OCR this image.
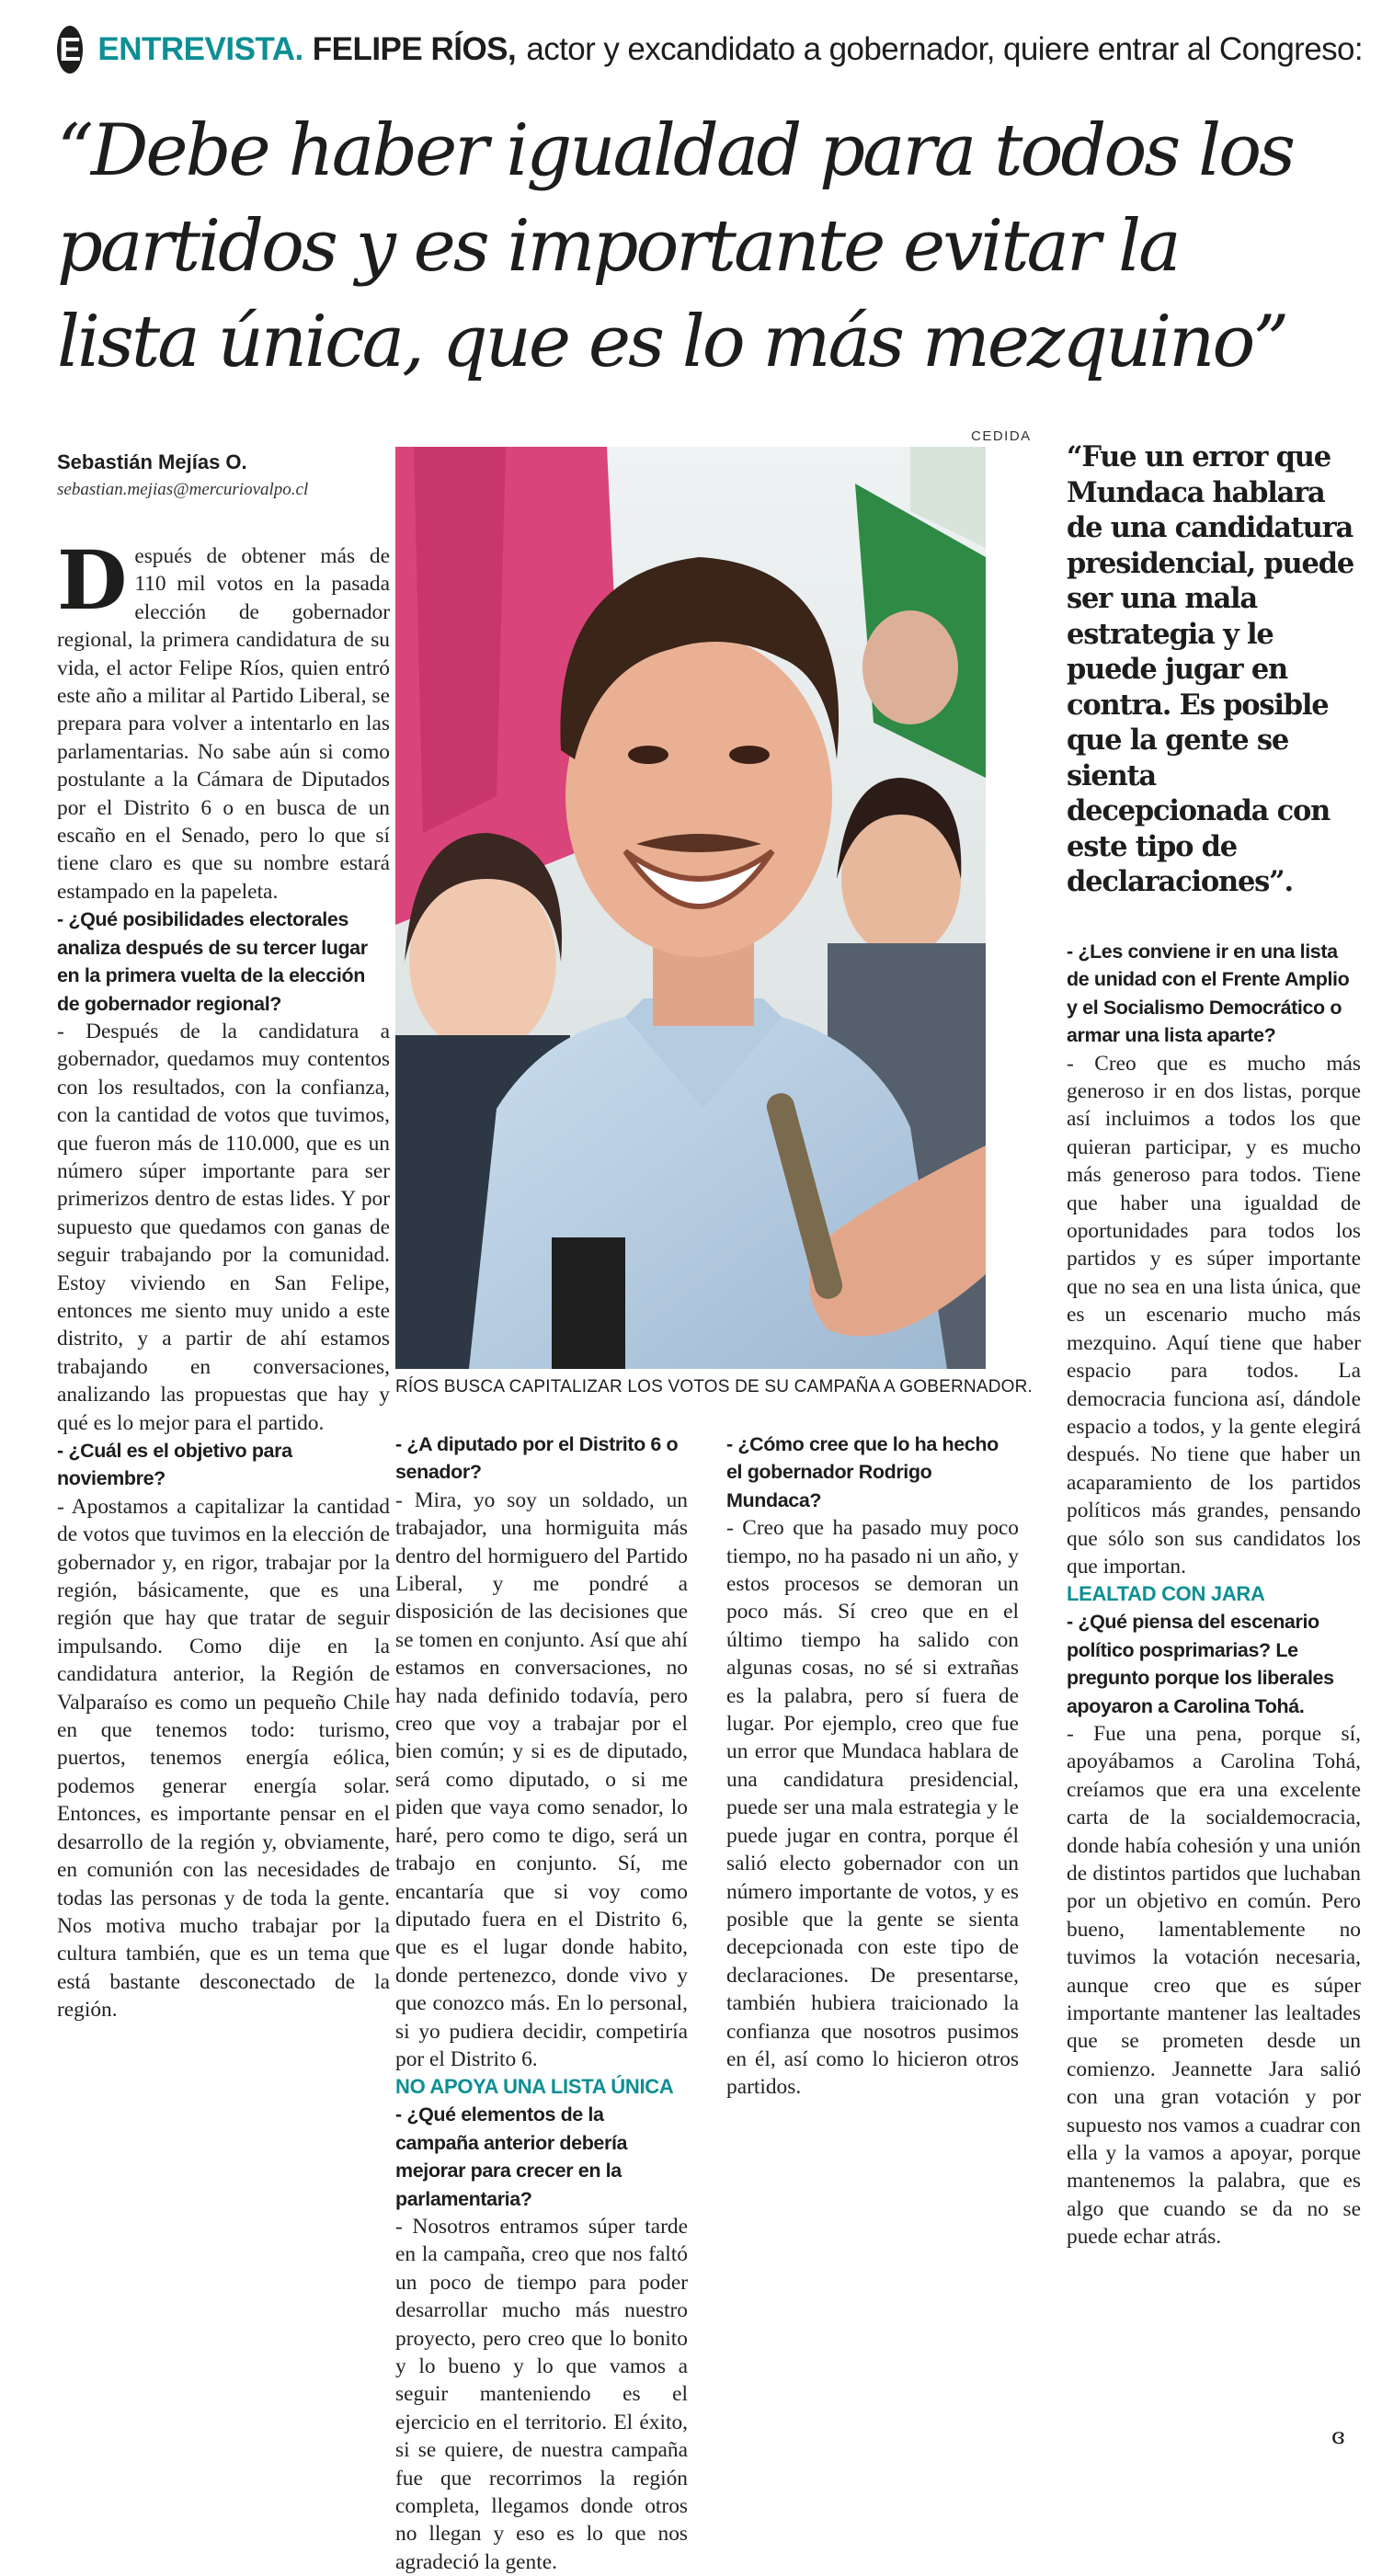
E ENTREVISTA. FELIPE RÍOS, actor y excandidato a gobernador, quiere entrar al Congreso:
“Debe haber igualdad para todos los
partidos y es importante evitar la
lista única, que es lo más mezquino”
Sebastián Mejías O.
sebastian.mejias@mercuriovalpo.cl

Después de obtener más de 110 mil votos en la pasada elección de gobernador regional, la primera candidatura de su vida, el actor Felipe Ríos, quien entró este año a militar al Partido Liberal, se prepara para volver a intentarlo en las parlamentarias. No sabe aún si como postulante a la Cámara de Diputados por el Distrito 6 o en busca de un escaño en el Senado, pero lo que sí tiene claro es que su nombre estará estampado en la papeleta.

- ¿Qué posibilidades electorales analiza después de su tercer lugar en la primera vuelta de la elección de gobernador regional?

- Después de la candidatura a gobernador, quedamos muy contentos con los resultados, con la confianza, con la cantidad de votos que tuvimos, que fueron más de 110.000, que es un número súper importante para ser primerizos dentro de estas lides. Y por supuesto que quedamos con ganas de seguir trabajando por la comunidad. Estoy viviendo en San Felipe, entonces me siento muy unido a este distrito, y a partir de ahí estamos trabajando en conversaciones, analizando las propuestas que hay y qué es lo mejor para el partido.

- ¿Cuál es el objetivo para noviembre?

- Apostamos a capitalizar la cantidad de votos que tuvimos en la elección de gobernador y, en rigor, trabajar por la región, básicamente, que es una región que hay que tratar de seguir impulsando. Como dije en la candidatura anterior, la Región de Valparaíso es como un pequeño Chile en que tenemos todo: turismo, puertos, tenemos energía eólica, podemos generar energía solar. Entonces, es importante pensar en el desarrollo de la región y, obviamente, en comunión con las necesidades de todas las personas y de toda la gente. Nos motiva mucho trabajar por la cultura también, que es un tema que está bastante desconectado de la región.

CEDIDA
RÍOS BUSCA CAPITALIZAR LOS VOTOS DE SU CAMPAÑA A GOBERNADOR.

- ¿A diputado por el Distrito 6 o senador?

- Mira, yo soy un soldado, un trabajador, una hormiguita más dentro del hormiguero del Partido Liberal, y me pondré a disposición de las decisiones que se tomen en conjunto. Así que ahí estamos en conversaciones, no hay nada definido todavía, pero creo que voy a trabajar por el bien común; y si es de diputado, será como diputado, o si me piden que vaya como senador, lo haré, pero como te digo, será un trabajo en conjunto. Sí, me encantaría que si voy como diputado fuera en el Distrito 6, que es el lugar donde habito, donde pertenezco, donde vivo y que conozco más. En lo personal, si yo pudiera decidir, competiría por el Distrito 6.

NO APOYA UNA LISTA ÚNICA

- ¿Qué elementos de la campaña anterior debería mejorar para crecer en la parlamentaria?

- Nosotros entramos súper tarde en la campaña, creo que nos faltó un poco de tiempo para poder desarrollar mucho más nuestro proyecto, pero creo que lo bonito y lo bueno y lo que vamos a seguir manteniendo es el ejercicio en el territorio. El éxito, si se quiere, de nuestra campaña fue que recorrimos la región completa, llegamos donde otros no llegan y eso es lo que nos agradeció la gente.

- ¿Cómo cree que lo ha hecho el gobernador Rodrigo Mundaca?

- Creo que ha pasado muy poco tiempo, no ha pasado ni un año, y estos procesos se demoran un poco más. Sí creo que en el último tiempo ha salido con algunas cosas, no sé si extrañas es la palabra, pero sí fuera de lugar. Por ejemplo, creo que fue un error que Mundaca hablara de una candidatura presidencial, puede ser una mala estrategia y le puede jugar en contra, porque él salió electo gobernador con un número importante de votos, y es posible que la gente se sienta decepcionada con este tipo de declaraciones. De presentarse, también hubiera traicionado la confianza que nosotros pusimos en él, así como lo hicieron otros partidos.

“Fue un error que Mundaca hablara de una candidatura presidencial, puede ser una mala estrategia y le puede jugar en contra. Es posible que la gente se sienta decepcionada con este tipo de declaraciones”.

- ¿Les conviene ir en una lista de unidad con el Frente Amplio y el Socialismo Democrático o armar una lista aparte?

- Creo que es mucho más generoso ir en dos listas, porque así incluimos a todos los que quieran participar, y es mucho más generoso para todos. Tiene que haber una igualdad de oportunidades para todos los partidos y es súper importante que no sea en una lista única, que es un escenario mucho más mezquino. Aquí tiene que haber espacio para todos. La democracia funciona así, dándole espacio a todos, y la gente elegirá después. No tiene que haber un acaparamiento de los partidos políticos más grandes, pensando que sólo son sus candidatos los que importan.

LEALTAD CON JARA

- ¿Qué piensa del escenario político posprimarias? Le pregunto porque los liberales apoyaron a Carolina Tohá.

- Fue una pena, porque sí, apoyábamos a Carolina Tohá, creíamos que era una excelente carta de la socialdemocracia, donde había cohesión y una unión de distintos partidos que luchaban por un objetivo en común. Pero bueno, lamentablemente no tuvimos la votación necesaria, aunque creo que es súper importante mantener las lealtades que se prometen desde un comienzo. Jeannette Jara salió con una gran votación y por supuesto nos vamos a cuadrar con ella y la vamos a apoyar, porque mantenemos la palabra, que es algo que cuando se da no se puede echar atrás.

ɞ
